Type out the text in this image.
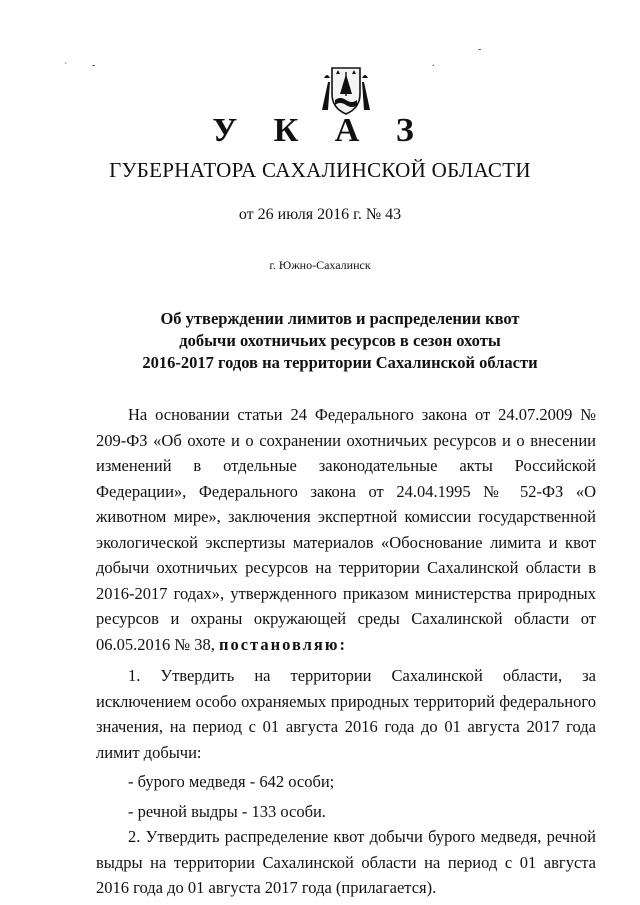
` -	.
-
У К А З
ГУБЕРНАТОРА САХАЛИНСКОЙ ОБЛАСТИ
от 26 июля 2016 г. № 43
г. Южно-Сахалинск
Об утверждении лимитов и распределении квот
добычи охотничьих ресурсов в сезон охоты
2016-2017 годов на территории Сахалинской области

На основании статьи 24 Федерального закона от 24.07.2009 № 209-ФЗ «Об охоте и о сохранении охотничьих ресурсов и о внесении изменений в отдельные законодательные акты Российской Федерации», Федерального закона от 24.04.1995 № 52-ФЗ «О животном мире», заключения экспертной комиссии государственной экологической экспертизы материалов «Обоснование лимита и квот добычи охотничьих ресурсов на территории Сахалинской области в 2016-2017 годах», утвержденного приказом министерства природных ресурсов и охраны окружающей среды Сахалинской области от 06.05.2016 № 38, постановляю:

1. Утвердить на территории Сахалинской области, за исключением особо охраняемых природных территорий федерального значения, на период с 01 августа 2016 года до 01 августа 2017 года лимит добычи:

- бурого медведя - 642 особи;

- речной выдры - 133 особи.

2. Утвердить распределение квот добычи бурого медведя, речной выдры на территории Сахалинской области на период с 01 августа 2016 года до 01 августа 2017 года (прилагается).
